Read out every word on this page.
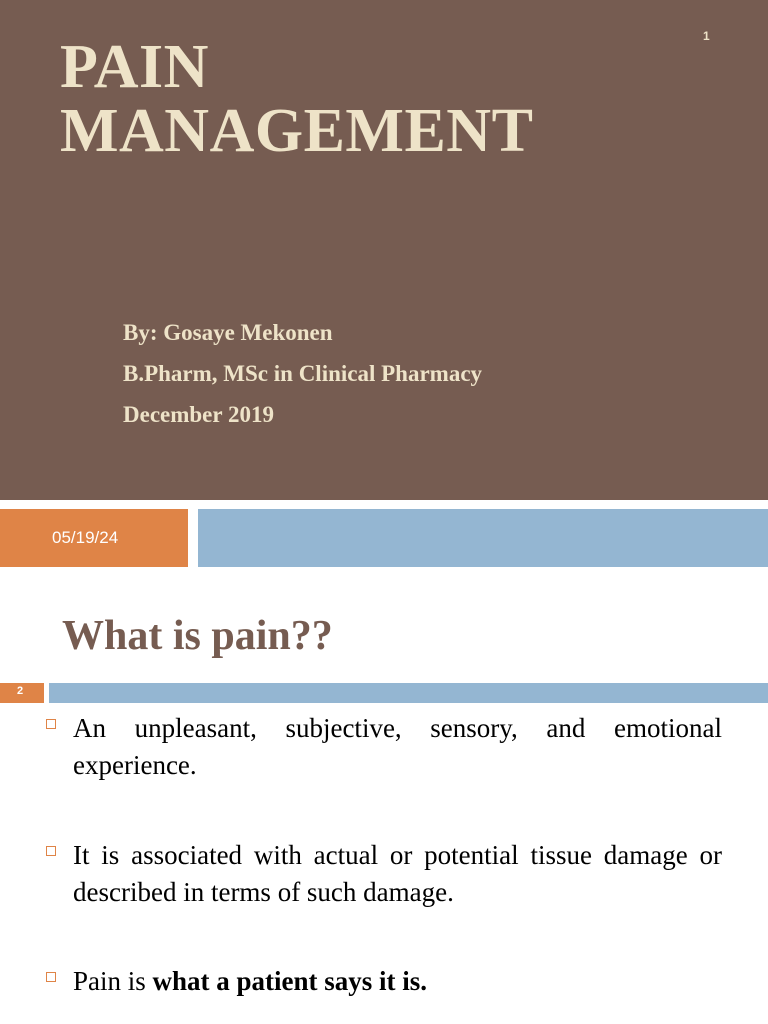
PAIN
MANAGEMENT
1
By: Gosaye Mekonen
B.Pharm, MSc in Clinical Pharmacy
December 2019
05/19/24
What is pain??
2

An unpleasant, subjective, sensory, and emotional experience.

It is associated with actual or potential tissue damage or described in terms of such damage.

Pain is what a patient says it is.
